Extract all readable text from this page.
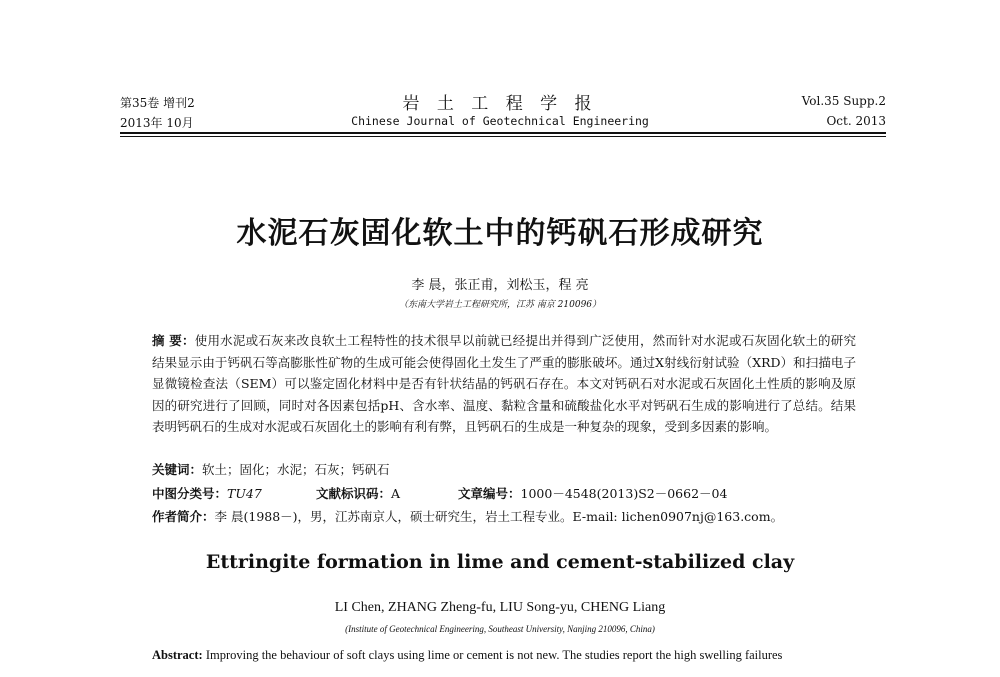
第35卷 增刊2
2013年 10月
岩 土 工 程 学 报
Chinese Journal of Geotechnical Engineering
Vol.35 Supp.2
Oct. 2013
水泥石灰固化软土中的钙矾石形成研究
李 晨，张正甫，刘松玉，程 亮
（东南大学岩土工程研究所，江苏 南京 210096）
摘 要：使用水泥或石灰来改良软土工程特性的技术很早以前就已经提出并得到广泛使用，然而针对水泥或石灰固化软土的研究结果显示由于钙矾石等高膨胀性矿物的生成可能会使得固化土发生了严重的膨胀破坏。通过X射线衍射试验（XRD）和扫描电子显微镜检查法（SEM）可以鉴定固化材料中是否有针状结晶的钙矾石存在。本文对钙矾石对水泥或石灰固化土性质的影响及原因的研究进行了回顾，同时对各因素包括pH、含水率、温度、黏粒含量和硫酸盐化水平对钙矾石生成的影响进行了总结。结果表明钙矾石的生成对水泥或石灰固化土的影响有利有弊，且钙矾石的生成是一种复杂的现象，受到多因素的影响。
关键词：软土；固化；水泥；石灰；钙矾石
中图分类号：TU47	文献标识码：A	文章编号：1000－4548(2013)S2－0662－04
作者简介：李 晨(1988－)，男，江苏南京人，硕士研究生，岩土工程专业。E-mail: lichen0907nj@163.com。
Ettringite formation in lime and cement-stabilized clay
LI Chen, ZHANG Zheng-fu, LIU Song-yu, CHENG Liang
(Institute of Geotechnical Engineering, Southeast University, Nanjing 210096, China)
Abstract: Improving the behaviour of soft clays using lime or cement is not new. The studies report the high swelling failures
